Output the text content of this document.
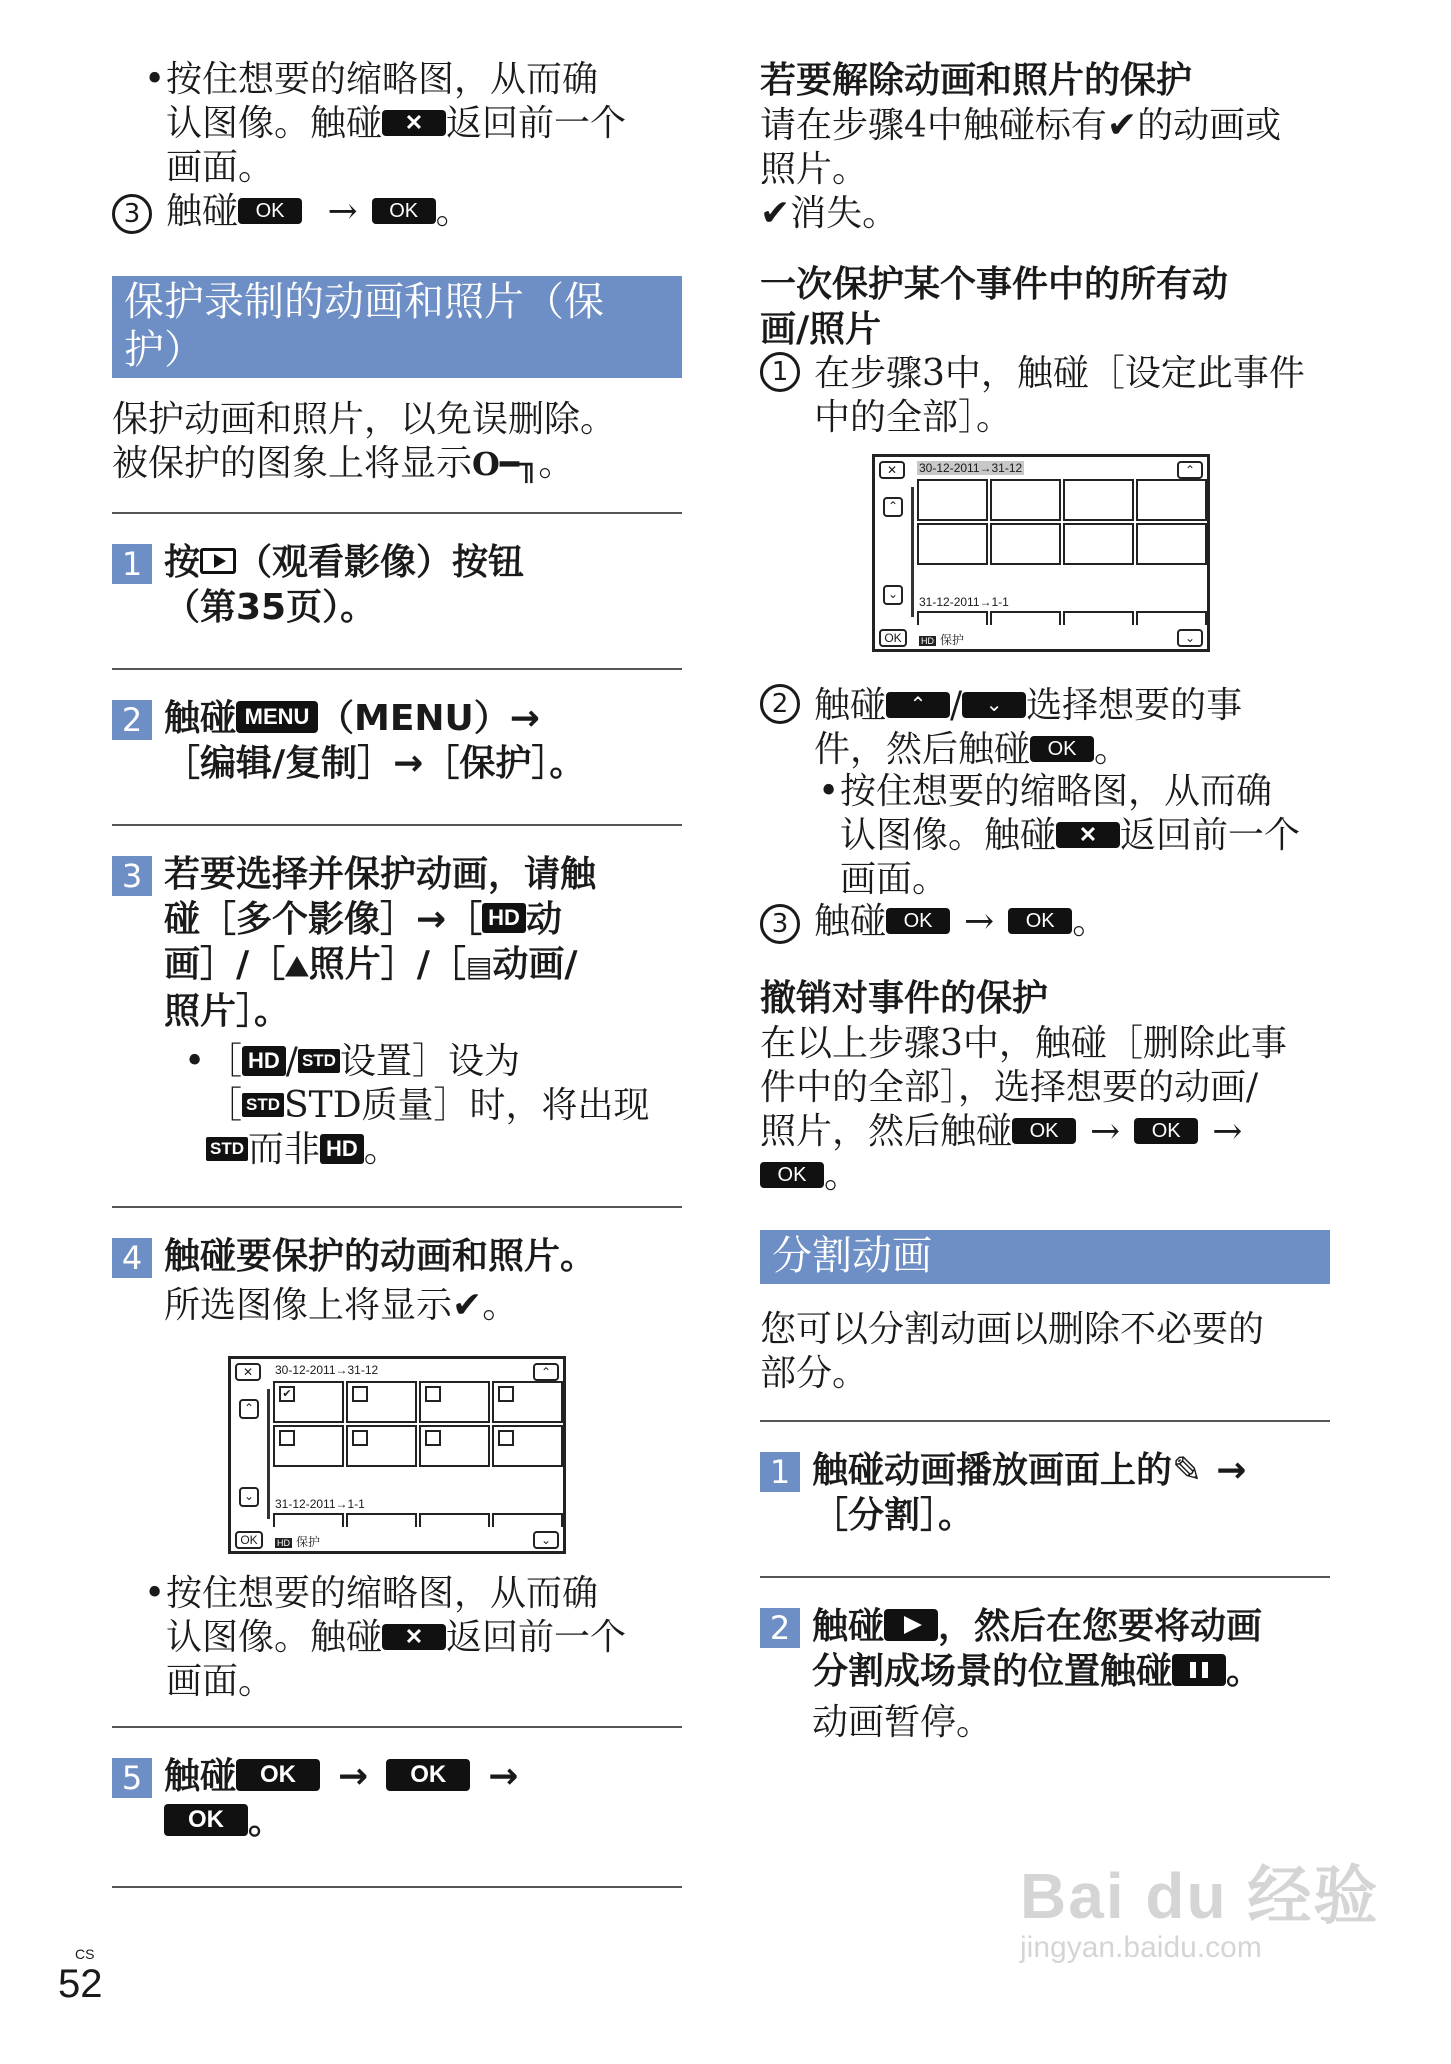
• 按住想要的缩略图，从而确
认图像。触碰 ✕ 返回前一个
画面。
3 触碰 OK → OK 。
保护录制的动画和照片（保
护）
保护动画和照片，以免误删除。
被保护的图象上将显示O━╖。
1 按 （观看影像）按钮
（第35页）。
2 触碰 MENU （MENU）→
［编辑/复制］→［保护］。
3 若要选择并保护动画，请触
碰［多个影像］→［ HD 动
画］/［⛰照片］/［▤动画/
照片］。
• ［ HD / STD 设置］设为
［ STD STD质量］时，将出现
STD 而非 HD 。
4 触碰要保护的动画和照片。
所选图像上将显示✔。
✕	30-12-2011→31-12	⌃
⌃
⌄
✔
31-12-2011→1-1
OK	HD 保护	⌄
• 按住想要的缩略图，从而确
认图像。触碰 ✕ 返回前一个
画面。
5 触碰 OK → OK →
OK 。
若要解除动画和照片的保护
请在步骤4中触碰标有✔的动画或
照片。
✔消失。
一次保护某个事件中的所有动
画/照片
1 在步骤3中，触碰［设定此事件
中的全部］。
✕	30-12-2011→31-12	⌃
⌃
⌄
31-12-2011→1-1
OK	HD 保护	⌄
2 触碰 ⌃ / ⌄ 选择想要的事
件，然后触碰 OK 。
• 按住想要的缩略图，从而确
认图像。触碰 ✕ 返回前一个
画面。
3 触碰 OK → OK 。
撤销对事件的保护
在以上步骤3中，触碰［删除此事
件中的全部］，选择想要的动画/
照片，然后触碰 OK → OK →
OK 。
分割动画
您可以分割动画以删除不必要的
部分。
1 触碰动画播放画面上的✎ →
［分割］。
2 触碰 ，然后在您要将动画
分割成场景的位置触碰 。
动画暂停。
CS
52
Bai du 经验
jingyan.baidu.com
